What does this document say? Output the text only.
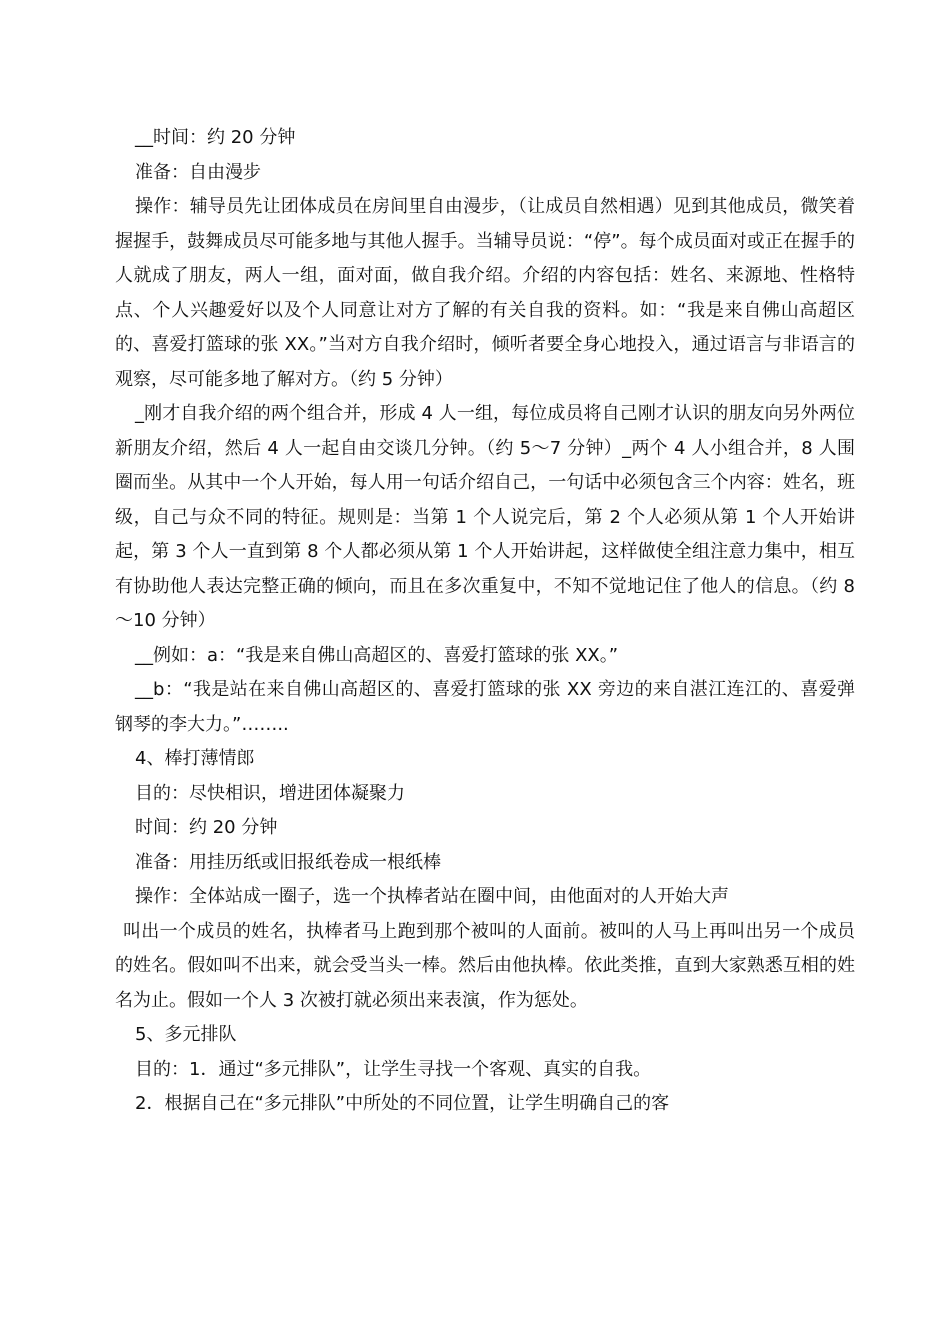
__时间：约 20 分钟

准备：自由漫步

操作：辅导员先让团体成员在房间里自由漫步，（让成员自然相遇）见到其他成员，微笑着握握手，鼓舞成员尽可能多地与其他人握手。当辅导员说：“停”。每个成员面对或正在握手的人就成了朋友，两人一组，面对面，做自我介绍。介绍的内容包括：姓名、来源地、性格特点、个人兴趣爱好以及个人同意让对方了解的有关自我的资料。如：“我是来自佛山高超区的、喜爱打篮球的张 XX。”当对方自我介绍时，倾听者要全身心地投入，通过语言与非语言的观察，尽可能多地了解对方。（约 5 分钟）

_刚才自我介绍的两个组合并，形成 4 人一组，每位成员将自己刚才认识的朋友向另外两位新朋友介绍，然后 4 人一起自由交谈几分钟。（约 5～7 分钟）_两个 4 人小组合并，8 人围圈而坐。从其中一个人开始，每人用一句话介绍自己，一句话中必须包含三个内容：姓名，班级，自己与众不同的特征。规则是：当第 1 个人说完后，第 2 个人必须从第 1 个人开始讲起，第 3 个人一直到第 8 个人都必须从第 1 个人开始讲起，这样做使全组注意力集中，相互有协助他人表达完整正确的倾向，而且在多次重复中，不知不觉地记住了他人的信息。（约 8～10 分钟）

__例如：a：“我是来自佛山高超区的、喜爱打篮球的张 XX。”

__b：“我是站在来自佛山高超区的、喜爱打篮球的张 XX 旁边的来自湛江连江的、喜爱弹钢琴的李大力。”……..

4、棒打薄情郎

目的：尽快相识，增进团体凝聚力

时间：约 20 分钟

准备：用挂历纸或旧报纸卷成一根纸棒

操作：全体站成一圈子，选一个执棒者站在圈中间，由他面对的人开始大声

叫出一个成员的姓名，执棒者马上跑到那个被叫的人面前。被叫的人马上再叫出另一个成员的姓名。假如叫不出来，就会受当头一棒。然后由他执棒。依此类推，直到大家熟悉互相的姓名为止。假如一个人 3 次被打就必须出来表演，作为惩处。

5、多元排队

目的：1．通过“多元排队”，让学生寻找一个客观、真实的自我。

2．根据自己在“多元排队”中所处的不同位置，让学生明确自己的客
